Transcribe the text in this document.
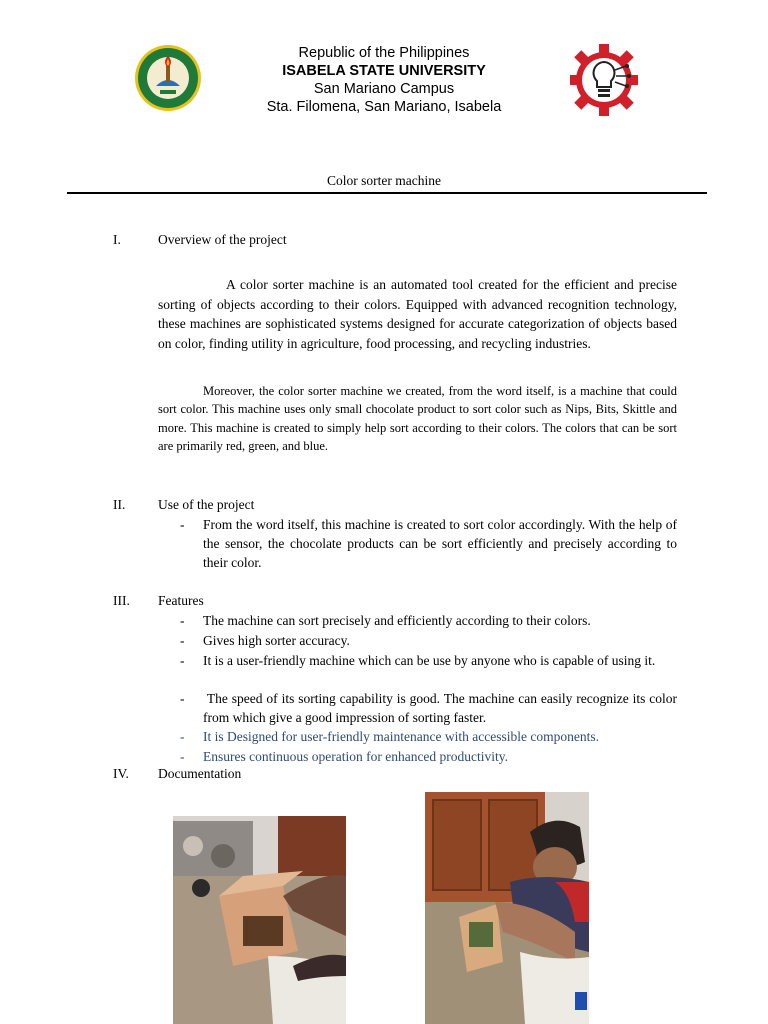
Republic of the Philippines
ISABELA STATE UNIVERSITY
San Mariano Campus
Sta. Filomena, San Mariano, Isabela
Color sorter machine
I.	Overview of the project
A color sorter machine is an automated tool created for the efficient and precise sorting of objects according to their colors. Equipped with advanced recognition technology, these machines are sophisticated systems designed for accurate categorization of objects based on color, finding utility in agriculture, food processing, and recycling industries.
Moreover, the color sorter machine we created, from the word itself, is a machine that could sort color. This machine uses only small chocolate product to sort color such as Nips, Bits, Skittle and more. This machine is created to simply help sort according to their colors. The colors that can be sort are primarily red, green, and blue.
II. Use of the project
- From the word itself, this machine is created to sort color accordingly. With the help of the sensor, the chocolate products can be sort efficiently and precisely according to their color.
III. Features
- The machine can sort precisely and efficiently according to their colors.
- Gives high sorter accuracy.
- It is a user-friendly machine which can be use by anyone who is capable of using it.
- The speed of its sorting capability is good. The machine can easily recognize its color from which give a good impression of sorting faster.
- It is Designed for user-friendly maintenance with accessible components.
- Ensures continuous operation for enhanced productivity.
IV. Documentation
